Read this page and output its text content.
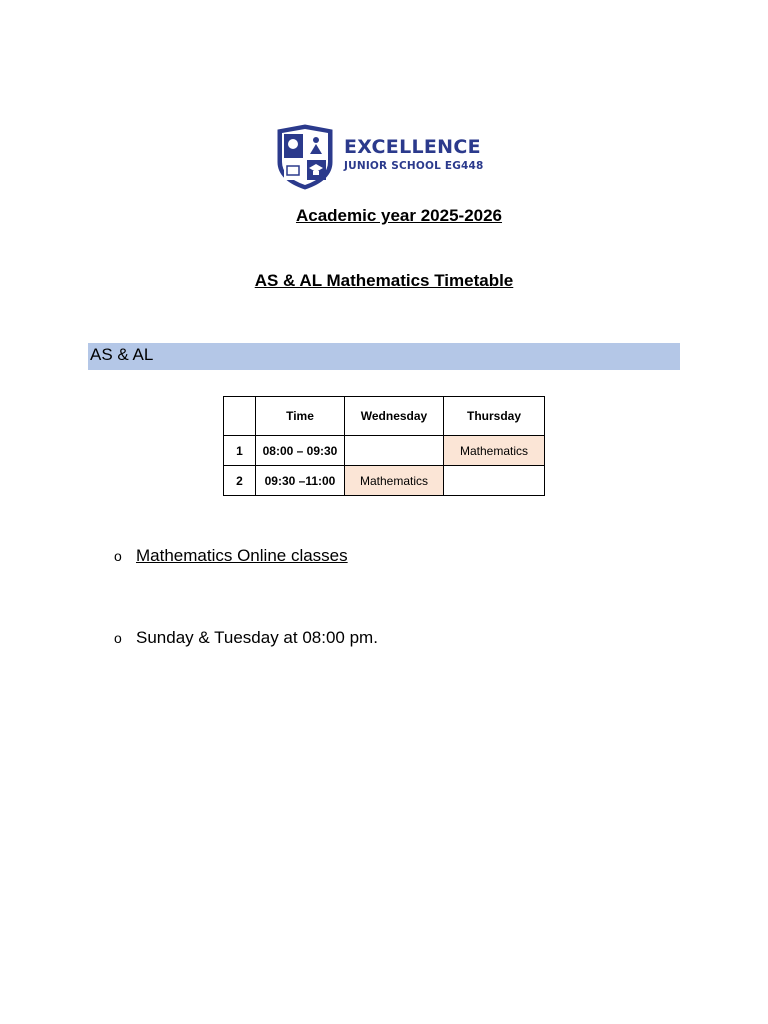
EXCELLENCE
JUNIOR SCHOOL EG448
Academic year 2025-2026
AS & AL Mathematics Timetable
AS & AL
	Time	Wednesday	Thursday
1	08:00 – 09:30		Mathematics
2	09:30 –11:00	Mathematics	
o Mathematics Online classes
o Sunday & Tuesday at 08:00 pm.
